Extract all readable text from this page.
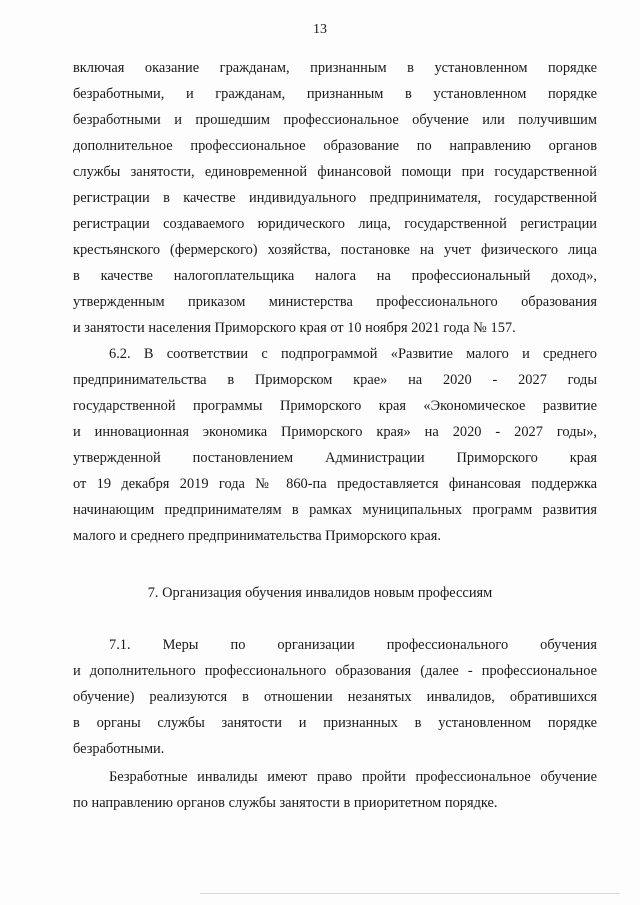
13
включая оказание гражданам, признанным в установленном порядке
безработными, и гражданам, признанным в установленном порядке
безработными и прошедшим профессиональное обучение или получившим
дополнительное профессиональное образование по направлению органов
службы занятости, единовременной финансовой помощи при государственной
регистрации в качестве индивидуального предпринимателя, государственной
регистрации создаваемого юридического лица, государственной регистрации
крестьянского (фермерского) хозяйства, постановке на учет физического лица
в качестве налогоплательщика налога на профессиональный доход»,
утвержденным приказом министерства профессионального образования
и занятости населения Приморского края от 10 ноября 2021 года № 157.
6.2. В соответствии с подпрограммой «Развитие малого и среднего
предпринимательства в Приморском крае» на 2020 - 2027 годы
государственной программы Приморского края «Экономическое развитие
и инновационная экономика Приморского края» на 2020 - 2027 годы»,
утвержденной постановлением Администрации Приморского края
от 19 декабря 2019 года № 860-па предоставляется финансовая поддержка
начинающим предпринимателям в рамках муниципальных программ развития
малого и среднего предпринимательства Приморского края.
7. Организация обучения инвалидов новым профессиям
7.1. Меры по организации профессионального обучения
и дополнительного профессионального образования (далее - профессиональное
обучение) реализуются в отношении незанятых инвалидов, обратившихся
в органы службы занятости и признанных в установленном порядке
безработными.
Безработные инвалиды имеют право пройти профессиональное обучение
по направлению органов службы занятости в приоритетном порядке.
